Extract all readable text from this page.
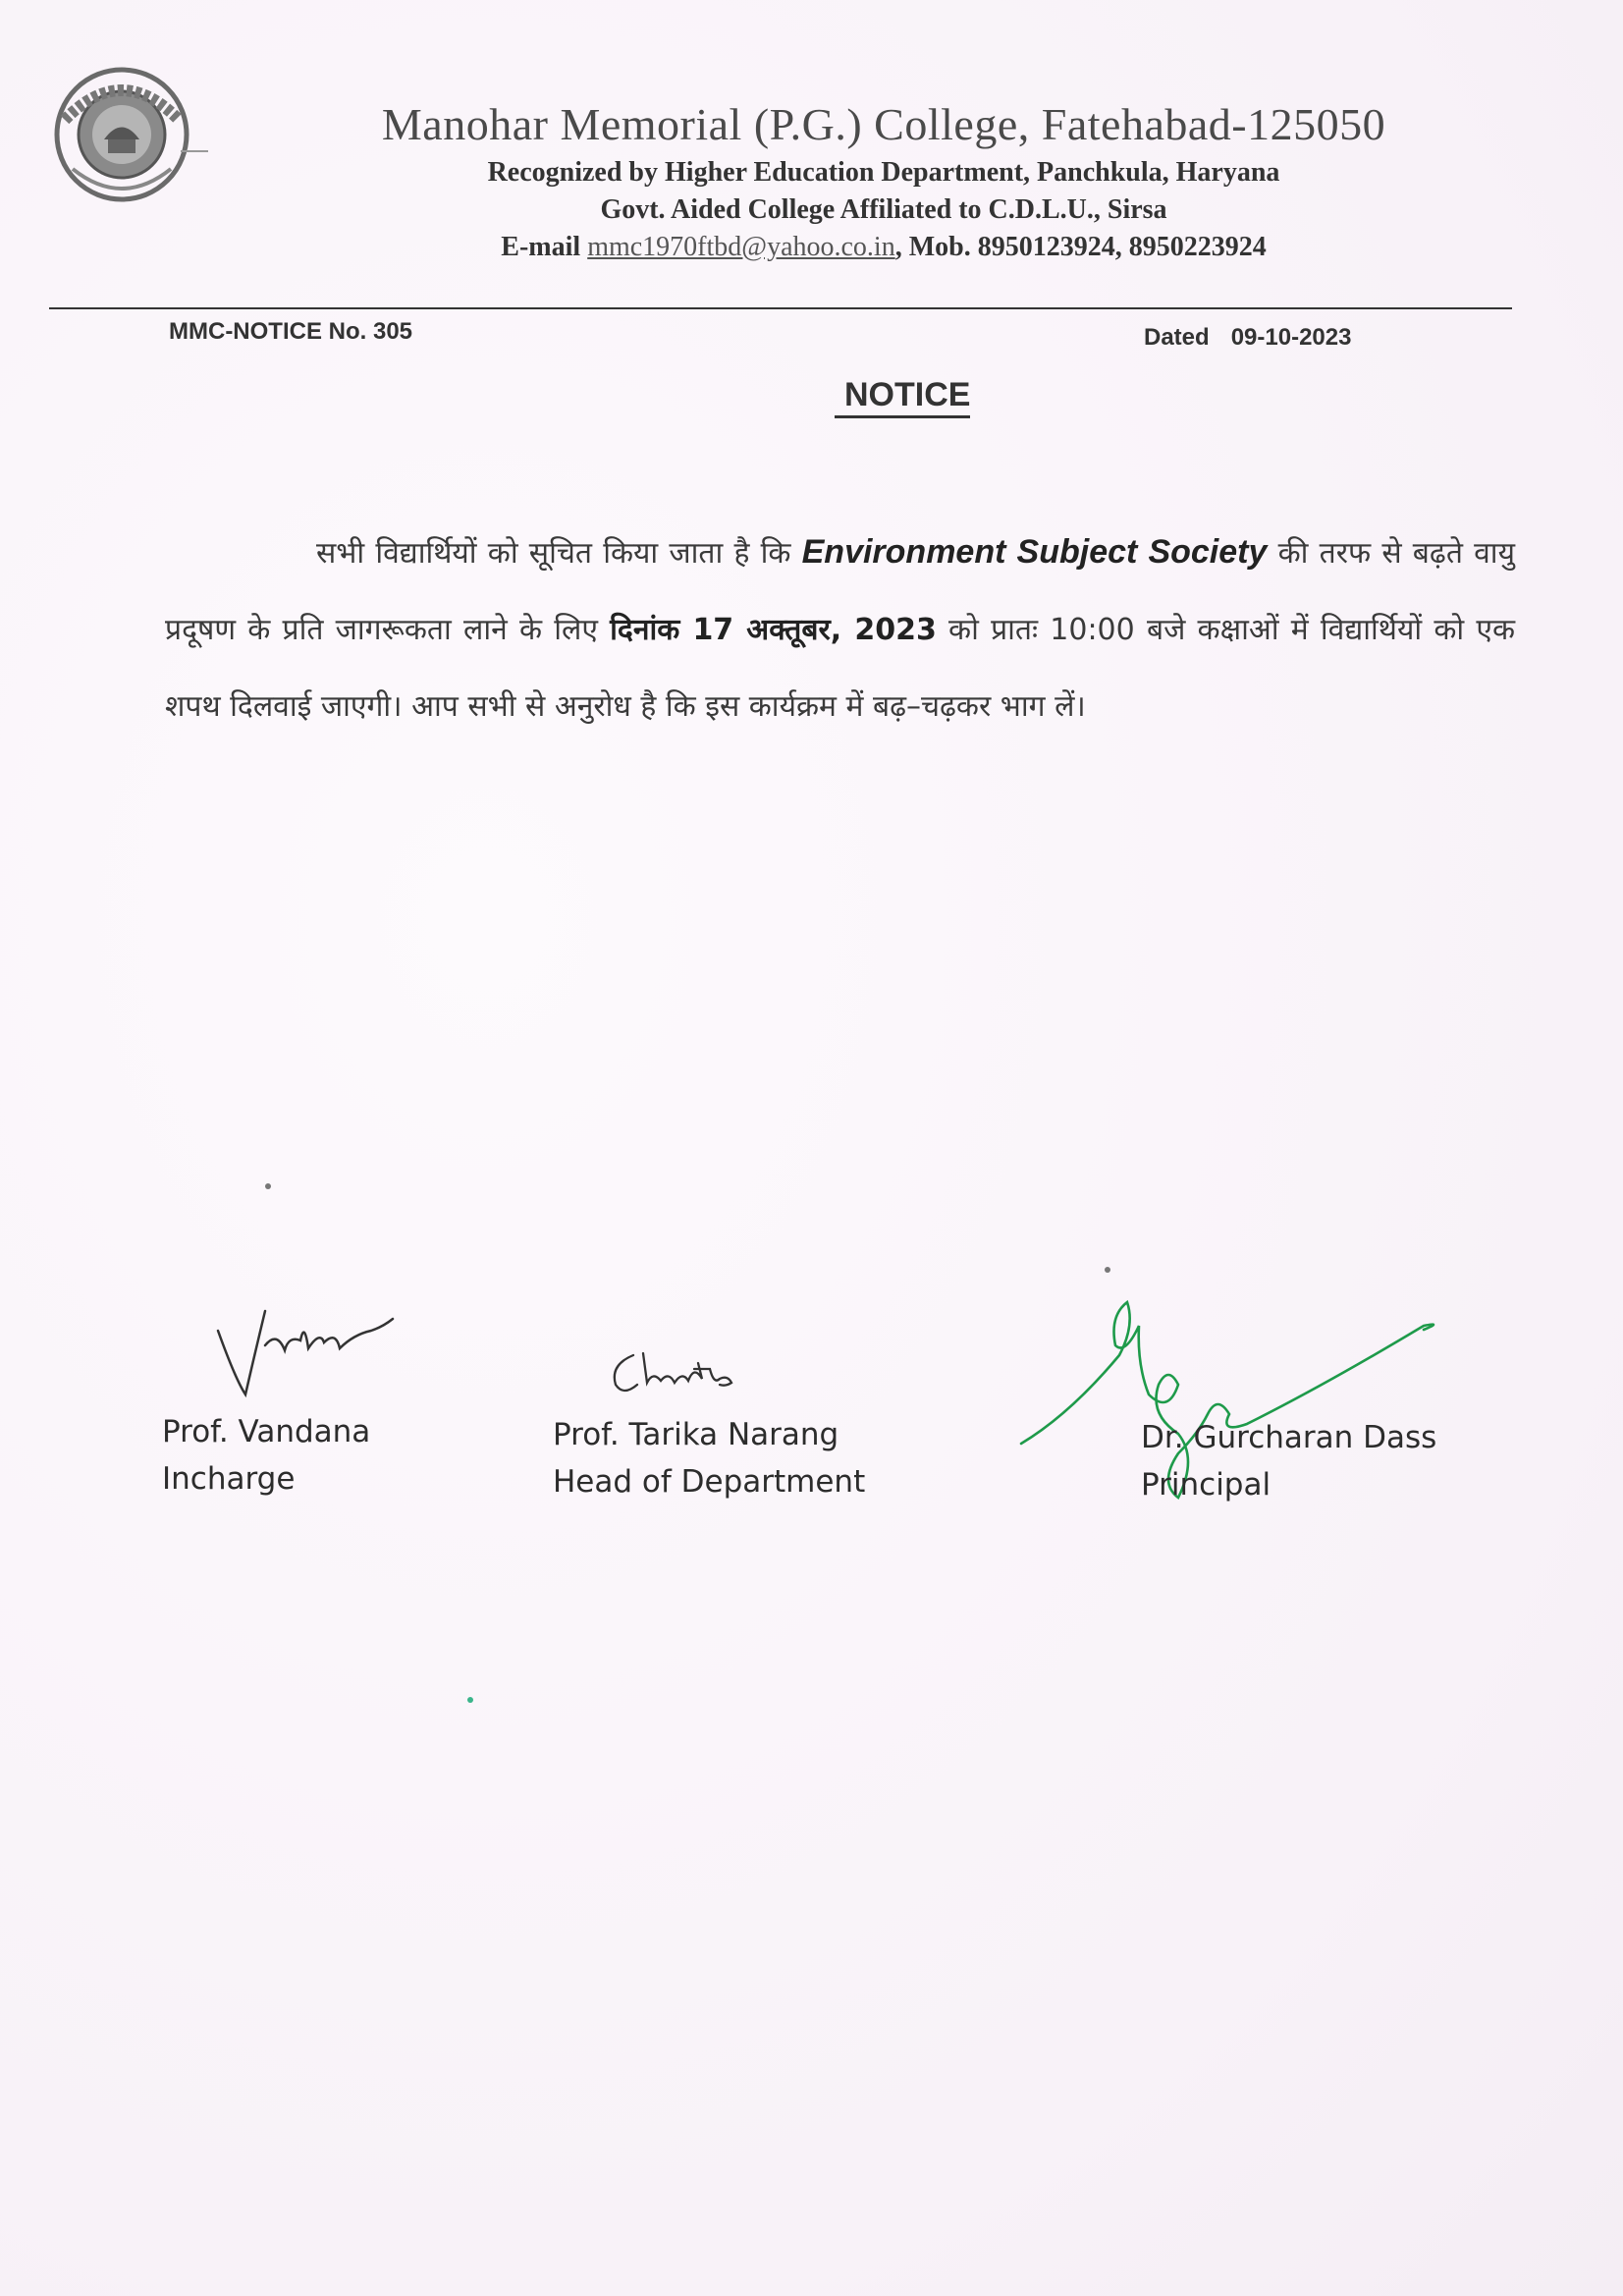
Manohar Memorial (P.G.) College, Fatehabad-125050
Recognized by Higher Education Department, Panchkula, Haryana
Govt. Aided College Affiliated to C.D.L.U., Sirsa
E-mail mmc1970ftbd@yahoo.co.in, Mob. 8950123924, 8950223924
MMC-NOTICE No. 305	Dated 09-10-2023
NOTICE
सभी विद्यार्थियों को सूचित किया जाता है कि Environment Subject Society की तरफ से बढ़ते वायु प्रदूषण के प्रति जागरूकता लाने के लिए दिनांक 17 अक्तूबर, 2023 को प्रातः 10:00 बजे कक्षाओं में विद्यार्थियों को एक शपथ दिलवाई जाएगी। आप सभी से अनुरोध है कि इस कार्यक्रम में बढ़–चढ़कर भाग लें।
Prof. Vandana
Incharge
Prof. Tarika Narang
Head of Department
Dr. Gurcharan Dass
Principal
